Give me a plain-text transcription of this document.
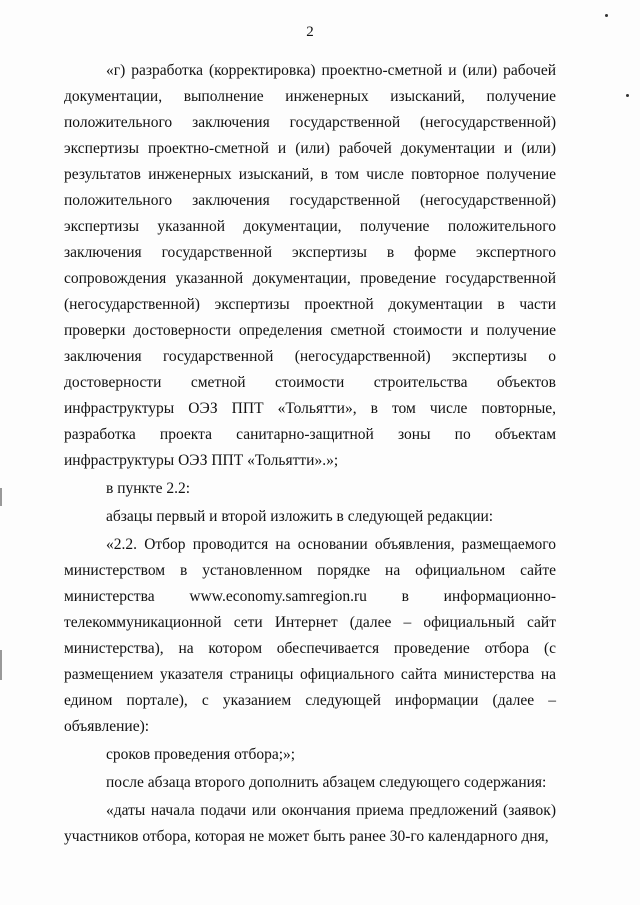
2

«г) разработка (корректировка) проектно-сметной и (или) рабочей документации, выполнение инженерных изысканий, получение положительного заключения государственной (негосударственной) экспертизы проектно-сметной и (или) рабочей документации и (или) результатов инженерных изысканий, в том числе повторное получение положительного заключения государственной (негосударственной) экспертизы указанной документации, получение положительного заключения государственной экспертизы в форме экспертного сопровождения указанной документации, проведение государственной (негосударственной) экспертизы проектной документации в части проверки достоверности определения сметной стоимости и получение заключения государственной (негосударственной) экспертизы о достоверности сметной стоимости строительства объектов инфраструктуры ОЭЗ ППТ «Тольятти», в том числе повторные, разработка проекта санитарно-защитной зоны по объектам инфраструктуры ОЭЗ ППТ «Тольятти».»;

в пункте 2.2:

абзацы первый и второй изложить в следующей редакции:

«2.2. Отбор проводится на основании объявления, размещаемого министерством в установленном порядке на официальном сайте министерства www.economy.samregion.ru в информационно-телекоммуникационной сети Интернет (далее – официальный сайт министерства), на котором обеспечивается проведение отбора (с размещением указателя страницы официального сайта министерства на едином портале), с указанием следующей информации (далее – объявление):

сроков проведения отбора;»;

после абзаца второго дополнить абзацем следующего содержания:

«даты начала подачи или окончания приема предложений (заявок) участников отбора, которая не может быть ранее 30-го календарного дня,
